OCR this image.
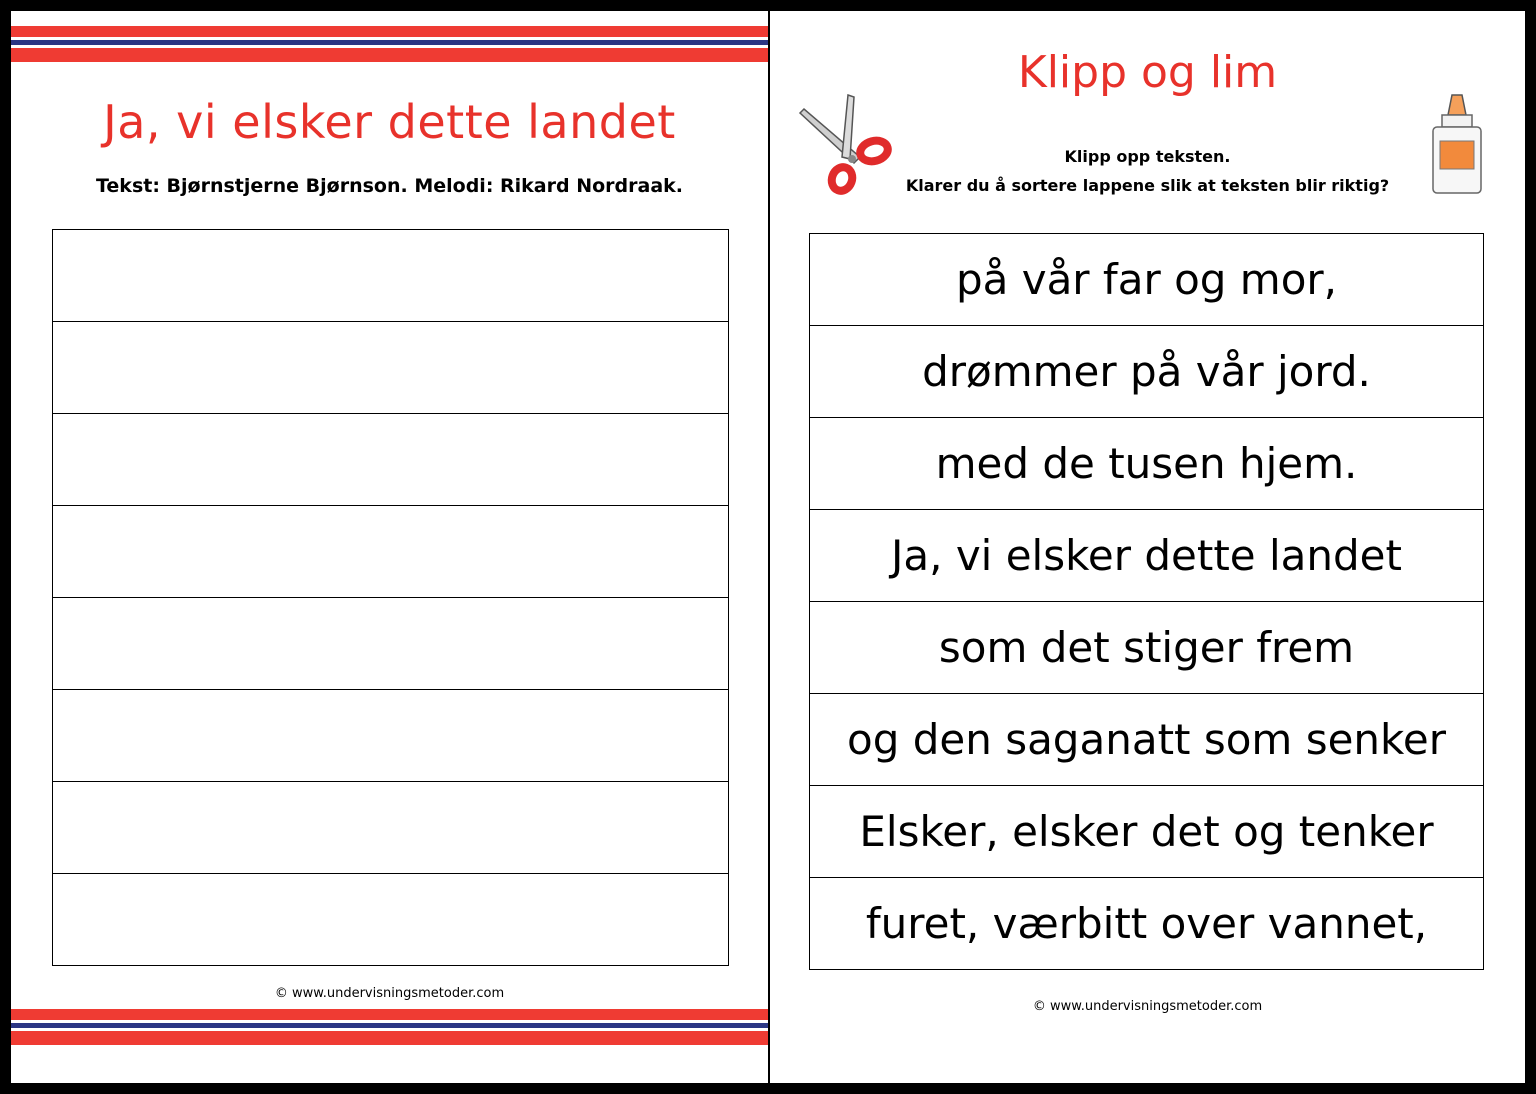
Ja, vi elsker dette landet
Tekst: Bjørnstjerne Bjørnson. Melodi: Rikard Nordraak.
© www.undervisningsmetoder.com
Klipp og lim
Klipp opp teksten.
Klarer du å sortere lappene slik at teksten blir riktig?
på vår far og mor,
drømmer på vår jord.
med de tusen hjem.
Ja, vi elsker dette landet
som det stiger frem
og den saganatt som senker
Elsker, elsker det og tenker
furet, værbitt over vannet,
© www.undervisningsmetoder.com
